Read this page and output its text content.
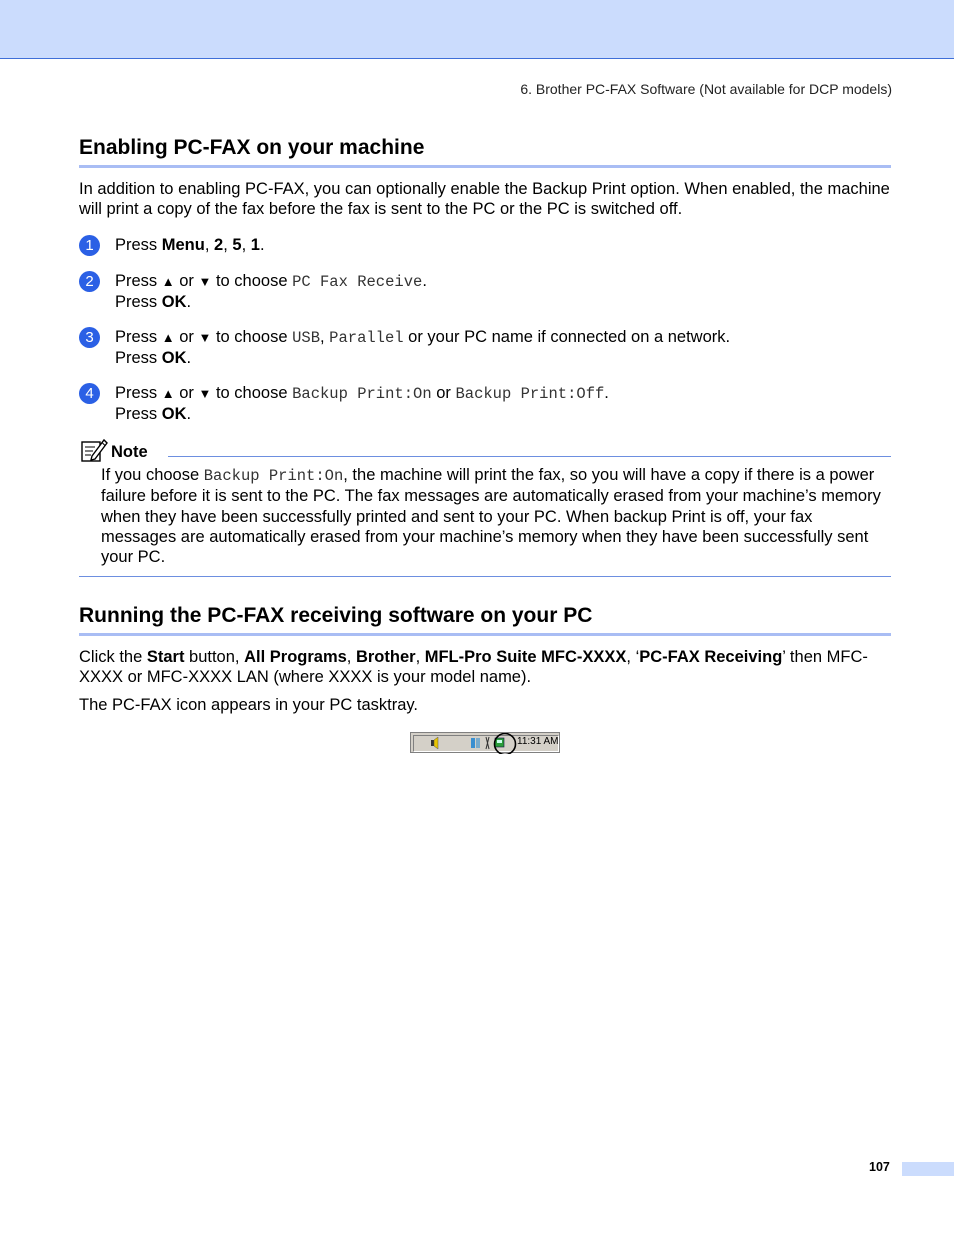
6. Brother PC-FAX Software (Not available for DCP models)
Enabling PC-FAX on your machine

In addition to enabling PC-FAX, you can optionally enable the Backup Print option. When enabled, the machine will print a copy of the fax before the fax is sent to the PC or the PC is switched off.

1	Press Menu, 2, 5, 1.
2	Press ▲ or ▼ to choose PC Fax Receive.
Press OK.
3	Press ▲ or ▼ to choose USB, Parallel or your PC name if connected on a network.
Press OK.
4	Press ▲ or ▼ to choose Backup Print:On or Backup Print:Off.
Press OK.
Note
If you choose Backup Print:On, the machine will print the fax, so you will have a copy if there is a power failure before it is sent to the PC. The fax messages are automatically erased from your machine’s memory when they have been successfully printed and sent to your PC. When backup Print is off, your fax messages are automatically erased from your machine’s memory when they have been successfully sent your PC.
Running the PC-FAX receiving software on your PC

Click the Start button, All Programs, Brother, MFL-Pro Suite MFC-XXXX, ‘PC-FAX Receiving’ then MFC-XXXX or MFC-XXXX LAN (where XXXX is your model name).

The PC-FAX icon appears in your PC tasktray.

11:31 AM
107
